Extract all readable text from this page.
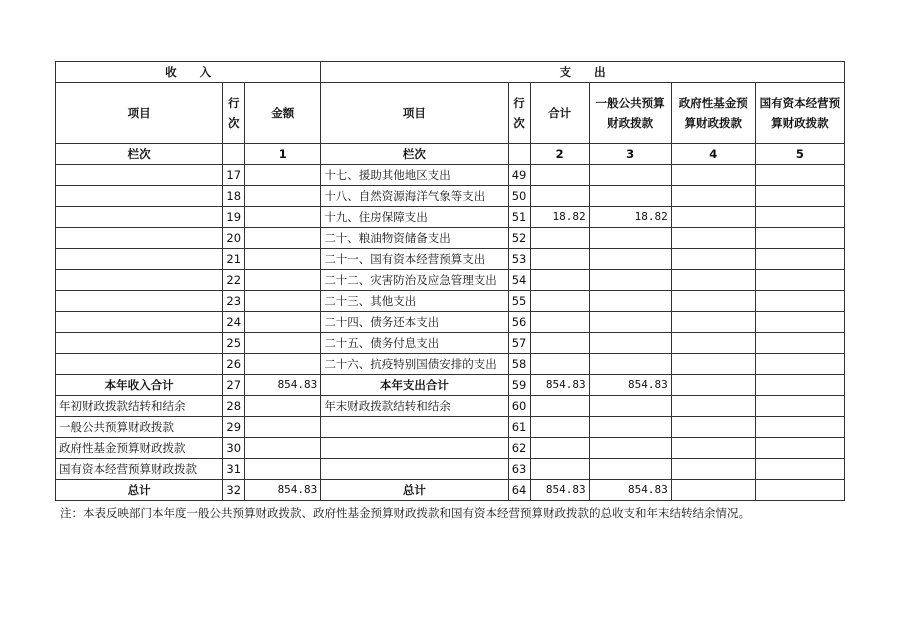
收　　入			支　　出					
项目	行次	金额	项目	行次	合计	一般公共预算财政拨款	政府性基金预算财政拨款	国有资本经营预算财政拨款
栏次		1	栏次		2	3	4	5
	17		十七、援助其他地区支出	49				
	18		十八、自然资源海洋气象等支出	50				
	19		十九、住房保障支出	51	18.82	18.82		
	20		二十、粮油物资储备支出	52				
	21		二十一、国有资本经营预算支出	53				
	22		二十二、灾害防治及应急管理支出	54				
	23		二十三、其他支出	55				
	24		二十四、债务还本支出	56				
	25		二十五、债务付息支出	57				
	26		二十六、抗疫特别国债安排的支出	58				
本年收入合计	27	854.83	本年支出合计	59	854.83	854.83		
年初财政拨款结转和结余	28		年末财政拨款结转和结余	60				
一般公共预算财政拨款	29			61				
政府性基金预算财政拨款	30			62				
国有资本经营预算财政拨款	31			63				
总计	32	854.83	总计	64	854.83	854.83		
注：本表反映部门本年度一般公共预算财政拨款、政府性基金预算财政拨款和国有资本经营预算财政拨款的总收支和年末结转结余情况。
